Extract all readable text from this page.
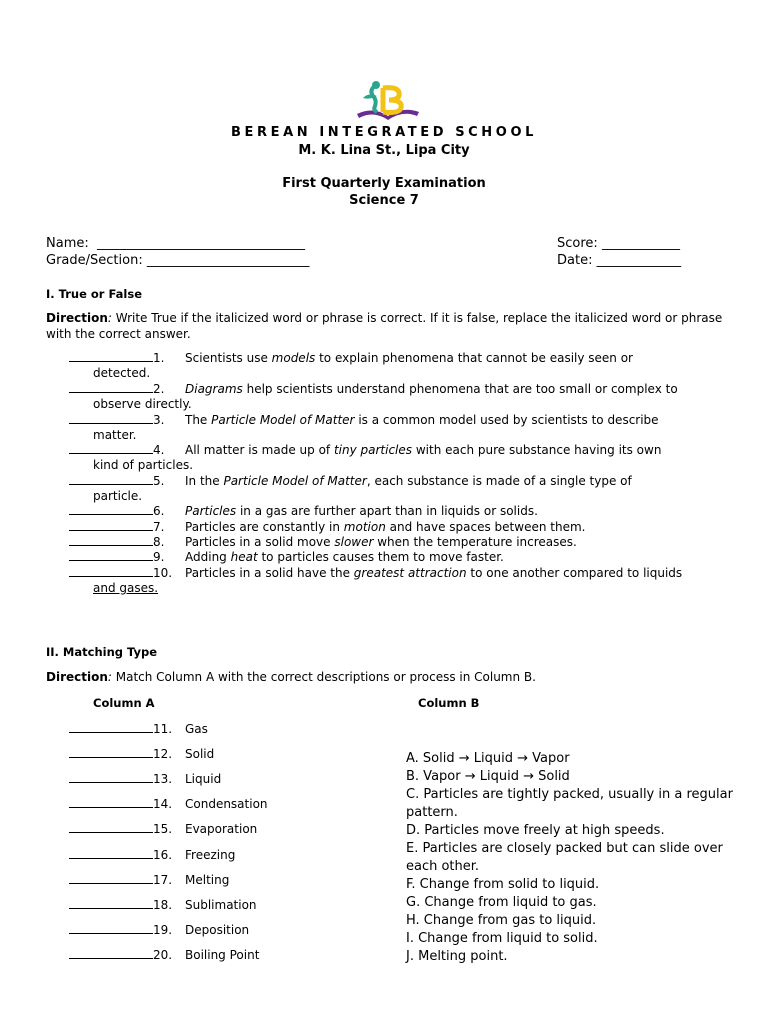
BEREAN INTEGRATED SCHOOL
M. K. Lina St., Lipa City
First Quarterly Examination
Science 7
Name: ________________________________	Score: ____________
Grade/Section: _________________________	Date: _____________
I. True or False
Direction: Write True if the italicized word or phrase is correct. If it is false, replace the italicized word or phrase with the correct answer.
1. Scientists use models to explain phenomena that cannot be easily seen or
detected.
2. Diagrams help scientists understand phenomena that are too small or complex to
observe directly.
3. The Particle Model of Matter is a common model used by scientists to describe
matter.
4. All matter is made up of tiny particles with each pure substance having its own
kind of particles.
5. In the Particle Model of Matter, each substance is made of a single type of
particle.
6. Particles in a gas are further apart than in liquids or solids.
7. Particles are constantly in motion and have spaces between them.
8. Particles in a solid move slower when the temperature increases.
9. Adding heat to particles causes them to move faster.
10. Particles in a solid have the greatest attraction to one another compared to liquids
and gases.
II. Matching Type
Direction: Match Column A with the correct descriptions or process in Column B.
Column A	Column B
11. Gas
12. Solid
13. Liquid
14. Condensation
15. Evaporation
16. Freezing
17. Melting
18. Sublimation
19. Deposition
20. Boiling Point
A. Solid → Liquid → Vapor
B. Vapor → Liquid → Solid
C. Particles are tightly packed, usually in a regular pattern.
D. Particles move freely at high speeds.
E. Particles are closely packed but can slide over each other.
F. Change from solid to liquid.
G. Change from liquid to gas.
H. Change from gas to liquid.
I. Change from liquid to solid.
J. Melting point.
